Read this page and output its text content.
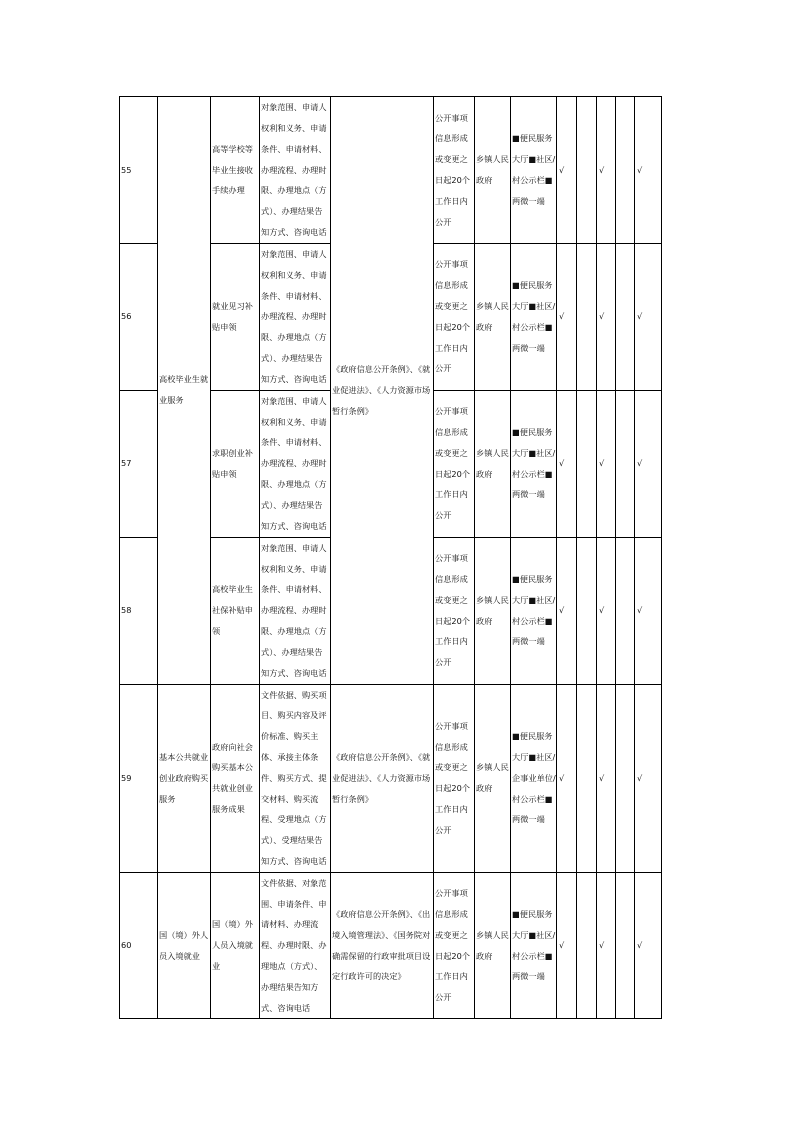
55	高校毕业生就业服务	高等学校等毕业生接收手续办理	对象范围、申请人权利和义务、申请条件、申请材料、办理流程、办理时限、办理地点（方式）、办理结果告知方式、咨询电话	《政府信息公开条例》、《就业促进法》、《人力资源市场暂行条例》	公开事项信息形成或变更之日起20个工作日内公开	乡镇人民政府	■便民服务大厅■社区/村公示栏■两微一端	√		√		√
56		就业见习补贴申领	对象范围、申请人权利和义务、申请条件、申请材料、办理流程、办理时限、办理地点（方式）、办理结果告知方式、咨询电话		公开事项信息形成或变更之日起20个工作日内公开	乡镇人民政府	■便民服务大厅■社区/村公示栏■两微一端	√		√		√
57		求职创业补贴申领	对象范围、申请人权利和义务、申请条件、申请材料、办理流程、办理时限、办理地点（方式）、办理结果告知方式、咨询电话		公开事项信息形成或变更之日起20个工作日内公开	乡镇人民政府	■便民服务大厅■社区/村公示栏■两微一端	√		√		√
58		高校毕业生社保补贴申领	对象范围、申请人权利和义务、申请条件、申请材料、办理流程、办理时限、办理地点（方式）、办理结果告知方式、咨询电话		公开事项信息形成或变更之日起20个工作日内公开	乡镇人民政府	■便民服务大厅■社区/村公示栏■两微一端	√		√		√
59	基本公共就业创业政府购买服务	政府向社会购买基本公共就业创业服务成果	文件依据、购买项目、购买内容及评价标准、购买主体、承接主体条件、购买方式、提交材料、购买流程、受理地点（方式）、受理结果告知方式、咨询电话	《政府信息公开条例》、《就业促进法》、《人力资源市场暂行条例》	公开事项信息形成或变更之日起20个工作日内公开	乡镇人民政府	■便民服务大厅■社区/企事业单位/村公示栏■两微一端	√		√		√
60	国（境）外人员入境就业	国（境）外人员入境就业	文件依据、对象范围、申请条件、申请材料、办理流程、办理时限、办理地点（方式）、办理结果告知方式、咨询电话	《政府信息公开条例》、《出境入境管理法》、《国务院对确需保留的行政审批项目设定行政许可的决定》	公开事项信息形成或变更之日起20个工作日内公开	乡镇人民政府	■便民服务大厅■社区/村公示栏■两微一端	√		√		√
